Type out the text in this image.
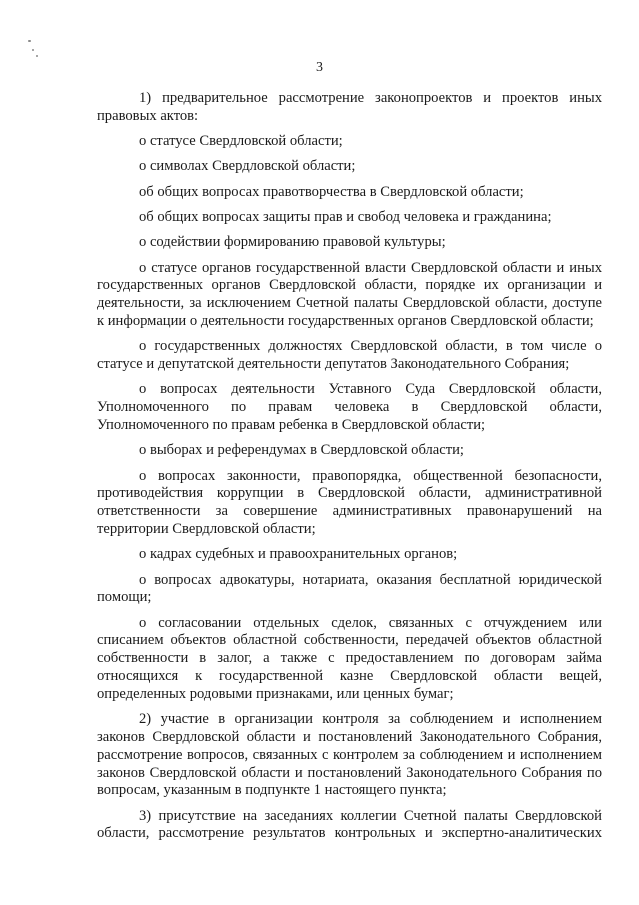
3

1) предварительное рассмотрение законопроектов и проектов иных правовых актов:

о статусе Свердловской области;

о символах Свердловской области;

об общих вопросах правотворчества в Свердловской области;

об общих вопросах защиты прав и свобод человека и гражданина;

о содействии формированию правовой культуры;

о статусе органов государственной власти Свердловской области и иных государственных органов Свердловской области, порядке их организации и деятельности, за исключением Счетной палаты Свердловской области, доступе к информации о деятельности государственных органов Свердловской области;

о государственных должностях Свердловской области, в том числе о статусе и депутатской деятельности депутатов Законодательного Собрания;

о вопросах деятельности Уставного Суда Свердловской области, Уполномоченного по правам человека в Свердловской области, Уполномоченного по правам ребенка в Свердловской области;

о выборах и референдумах в Свердловской области;

о вопросах законности, правопорядка, общественной безопасности, противодействия коррупции в Свердловской области, административной ответственности за совершение административных правонарушений на территории Свердловской области;

о кадрах судебных и правоохранительных органов;

о вопросах адвокатуры, нотариата, оказания бесплатной юридической помощи;

о согласовании отдельных сделок, связанных с отчуждением или списанием объектов областной собственности, передачей объектов областной собственности в залог, а также с предоставлением по договорам займа относящихся к государственной казне Свердловской области вещей, определенных родовыми признаками, или ценных бумаг;

2) участие в организации контроля за соблюдением и исполнением законов Свердловской области и постановлений Законодательного Собрания, рассмотрение вопросов, связанных с контролем за соблюдением и исполнением законов Свердловской области и постановлений Законодательного Собрания по вопросам, указанным в подпункте 1 настоящего пункта;

3) присутствие на заседаниях коллегии Счетной палаты Свердловской области, рассмотрение результатов контрольных и экспертно-аналитических
